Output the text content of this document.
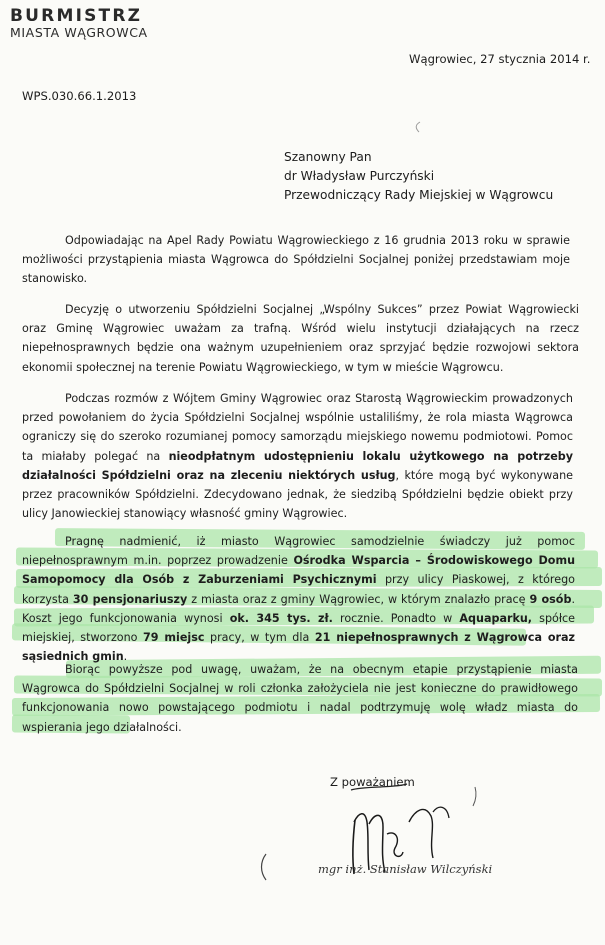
BURMISTRZ
MIASTA WĄGROWCA
Wągrowiec, 27 stycznia 2014 r.
WPS.030.66.1.2013
Szanowny Pan
dr Władysław Purczyński
Przewodniczący Rady Miejskiej w Wągrowcu

Odpowiadając na Apel Rady Powiatu Wągrowieckiego z 16 grudnia 2013 roku w sprawie możliwości przystąpienia miasta Wągrowca do Spółdzielni Socjalnej poniżej przedstawiam moje stanowisko.

Decyzję o utworzeniu Spółdzielni Socjalnej „Wspólny Sukces” przez Powiat Wągrowiecki oraz Gminę Wągrowiec uważam za trafną. Wśród wielu instytucji działających na rzecz niepełnosprawnych będzie ona ważnym uzupełnieniem oraz sprzyjać będzie rozwojowi sektora ekonomii społecznej na terenie Powiatu Wągrowieckiego, w tym w mieście Wągrowcu.

Podczas rozmów z Wójtem Gminy Wągrowiec oraz Starostą Wągrowieckim prowadzonych przed powołaniem do życia Spółdzielni Socjalnej wspólnie ustaliliśmy, że rola miasta Wągrowca ograniczy się do szeroko rozumianej pomocy samorządu miejskiego nowemu podmiotowi. Pomoc ta miałaby polegać na nieodpłatnym udostępnieniu lokalu użytkowego na potrzeby działalności Spółdzielni oraz na zleceniu niektórych usług, które mogą być wykonywane przez pracowników Spółdzielni. Zdecydowano jednak, że siedzibą Spółdzielni będzie obiekt przy ulicy Janowieckiej stanowiący własność gminy Wągrowiec.

Pragnę nadmienić, iż miasto Wągrowiec samodzielnie świadczy już pomoc niepełnosprawnym m.in. poprzez prowadzenie Ośrodka Wsparcia – Środowiskowego Domu Samopomocy dla Osób z Zaburzeniami Psychicznymi przy ulicy Piaskowej, z którego korzysta 30 pensjonariuszy z miasta oraz z gminy Wągrowiec, w którym znalazło pracę 9 osób. Koszt jego funkcjonowania wynosi ok. 345 tys. zł. rocznie. Ponadto w Aquaparku, spółce miejskiej, stworzono 79 miejsc pracy, w tym dla 21 niepełnosprawnych z Wągrowca oraz sąsiednich gmin.

Biorąc powyższe pod uwagę, uważam, że na obecnym etapie przystąpienie miasta Wągrowca do Spółdzielni Socjalnej w roli członka założyciela nie jest konieczne do prawidłowego funkcjonowania nowo powstającego podmiotu i nadal podtrzymuję wolę władz miasta do wspierania jego działalności.

Z poważaniem
mgr inż. Stanisław Wilczyński
